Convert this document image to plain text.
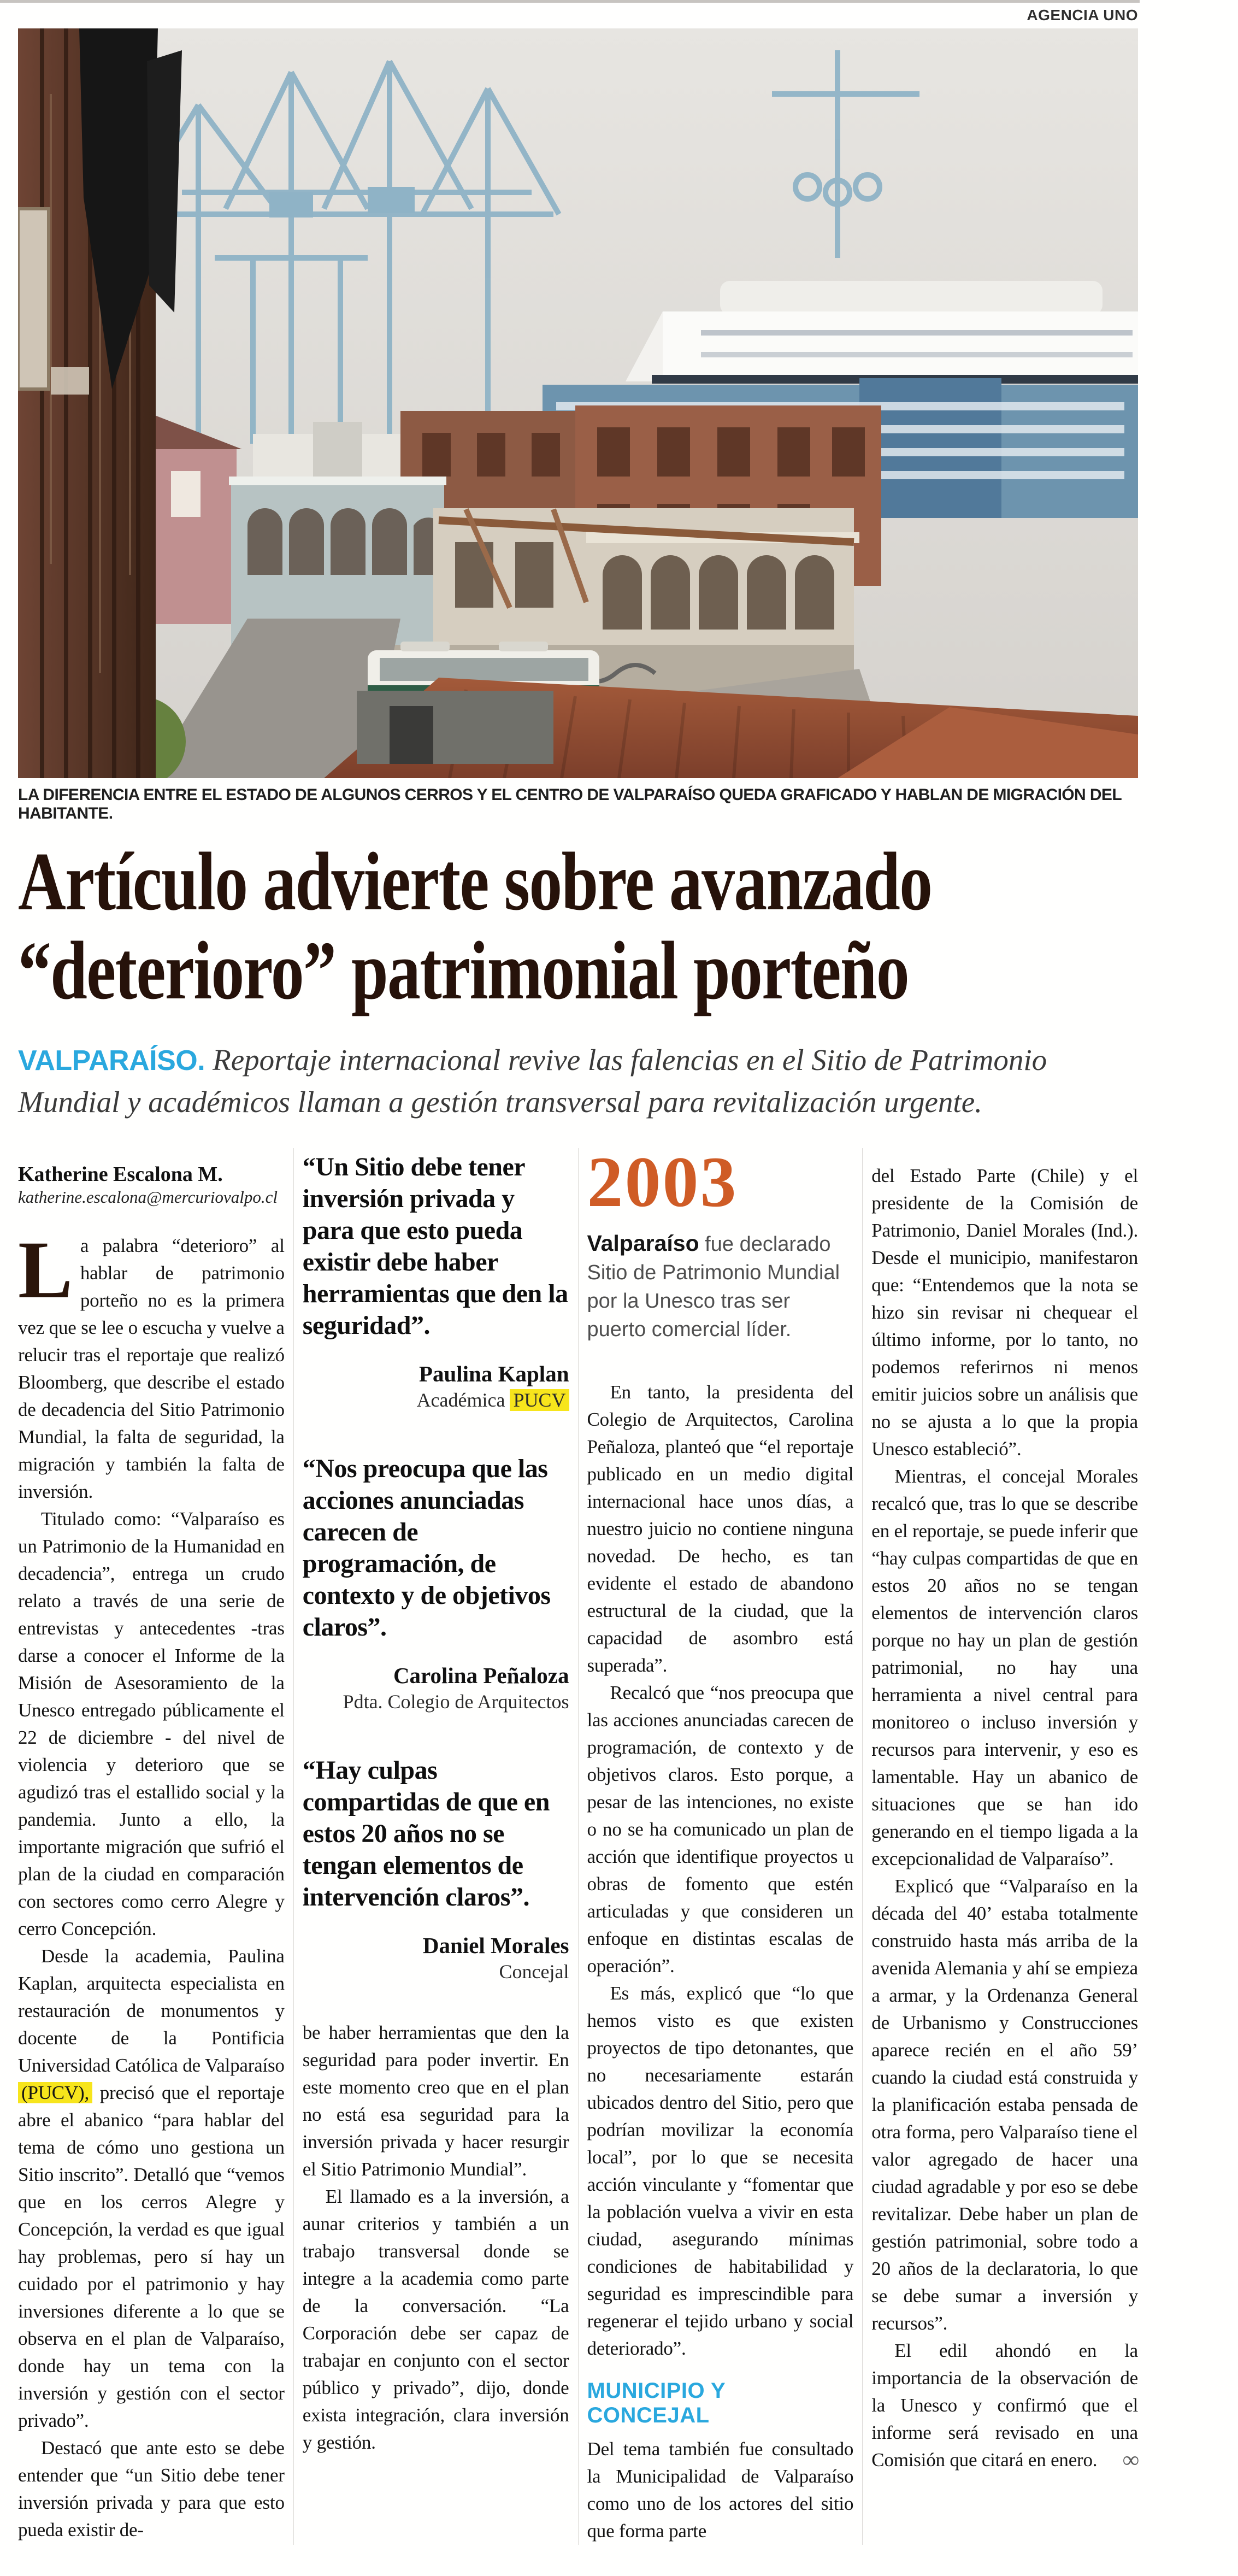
AGENCIA UNO
LA DIFERENCIA ENTRE EL ESTADO DE ALGUNOS CERROS Y EL CENTRO DE VALPARAÍSO QUEDA GRAFICADO Y HABLAN DE MIGRACIÓN DEL HABITANTE.
Artículo advierte sobre avanzado
“deterioro” patrimonial porteño
VALPARAÍSO. Reportaje internacional revive las falencias en el Sitio de Patrimonio Mundial y académicos llaman a gestión transversal para revitalización urgente.
Katherine Escalona M.
katherine.escalona@mercuriovalpo.cl

La palabra “deterioro” al hablar de patrimonio porteño no es la primera vez que se lee o escucha y vuelve a relucir tras el reportaje que realizó Bloomberg, que describe el estado de decadencia del Sitio Patrimonio Mundial, la falta de seguridad, la migración y también la falta de inversión.

Titulado como: “Valparaíso es un Patrimonio de la Humanidad en decadencia”, entrega un crudo relato a través de una serie de entrevistas y antecedentes -tras darse a conocer el Informe de la Misión de Asesoramiento de la Unesco entregado públicamente el 22 de diciembre - del nivel de violencia y deterioro que se agudizó tras el estallido social y la pandemia. Junto a ello, la importante migración que sufrió el plan de la ciudad en comparación con sectores como cerro Alegre y cerro Concepción.

Desde la academia, Paulina Kaplan, arquitecta especialista en restauración de monumentos y docente de la Pontificia Universidad Católica de Valparaíso (PUCV), precisó que el reportaje abre el abanico “para hablar del tema de cómo uno gestiona un Sitio inscrito”. Detalló que “vemos que en los cerros Alegre y Concepción, la verdad es que igual hay problemas, pero sí hay un cuidado por el patrimonio y hay inversiones diferente a lo que se observa en el plan de Valparaíso, donde hay un tema con la inversión y gestión con el sector privado”.

Destacó que ante esto se debe entender que “un Sitio debe tener inversión privada y para que esto pueda existir de-

“Un Sitio debe tener inversión privada y para que esto pueda existir debe haber herramientas que den la seguridad”.
Paulina Kaplan
Académica PUCV
“Nos preocupa que las acciones anunciadas carecen de programación, de contexto y de objetivos claros”.
Carolina Peñaloza
Pdta. Colegio de Arquitectos
“Hay culpas compartidas de que en estos 20 años no se tengan elementos de intervención claros”.
Daniel Morales
Concejal

be haber herramientas que den la seguridad para poder invertir. En este momento creo que en el plan no está esa seguridad para la inversión privada y hacer resurgir el Sitio Patrimonio Mundial”.

El llamado es a la inversión, a aunar criterios y también a un trabajo transversal donde se integre a la academia como parte de la conversación. “La Corporación debe ser capaz de trabajar en conjunto con el sector público y privado”, dijo, donde exista integración, clara inversión y gestión.

2003
Valparaíso fue declarado Sitio de Patrimonio Mundial por la Unesco tras ser puerto comercial líder.

En tanto, la presidenta del Colegio de Arquitectos, Carolina Peñaloza, planteó que “el reportaje publicado en un medio digital internacional hace unos días, a nuestro juicio no contiene ninguna novedad. De hecho, es tan evidente el estado de abandono estructural de la ciudad, que la capacidad de asombro está superada”.

Recalcó que “nos preocupa que las acciones anunciadas carecen de programación, de contexto y de objetivos claros. Esto porque, a pesar de las intenciones, no existe o no se ha comunicado un plan de acción que identifique proyectos u obras de fomento que estén articuladas y que consideren un enfoque en distintas escalas de operación”.

Es más, explicó que “lo que hemos visto es que existen proyectos de tipo detonantes, que no necesariamente estarán ubicados dentro del Sitio, pero que podrían movilizar la economía local”, por lo que se necesita acción vinculante y “fomentar que la población vuelva a vivir en esta ciudad, asegurando mínimas condiciones de habitabilidad y seguridad es imprescindible para regenerar el tejido urbano y social deteriorado”.

MUNICIPIO Y CONCEJAL

Del tema también fue consultado la Municipalidad de Valparaíso como uno de los actores del sitio que forma parte

del Estado Parte (Chile) y el presidente de la Comisión de Patrimonio, Daniel Morales (Ind.). Desde el municipio, manifestaron que: “Entendemos que la nota se hizo sin revisar ni chequear el último informe, por lo tanto, no podemos referirnos ni menos emitir juicios sobre un análisis que no se ajusta a lo que la propia Unesco estableció”.

Mientras, el concejal Morales recalcó que, tras lo que se describe en el reportaje, se puede inferir que “hay culpas compartidas de que en estos 20 años no se tengan elementos de intervención claros porque no hay un plan de gestión patrimonial, no hay una herramienta a nivel central para monitoreo o incluso inversión y recursos para intervenir, y eso es lamentable. Hay un abanico de situaciones que se han ido generando en el tiempo ligada a la excepcionalidad de Valparaíso”.

Explicó que “Valparaíso en la década del 40’ estaba totalmente construido hasta más arriba de la avenida Alemania y ahí se empieza a armar, y la Ordenanza General de Urbanismo y Construcciones aparece recién en el año 59’ cuando la ciudad está construida y la planificación estaba pensada de otra forma, pero Valparaíso tiene el valor agregado de hacer una ciudad agradable y por eso se debe revitalizar. Debe haber un plan de gestión patrimonial, sobre todo a 20 años de la declaratoria, lo que se debe sumar a inversión y recursos”.

El edil ahondó en la importancia de la observación de la Unesco y confirmó que el informe será revisado en una Comisión que citará en enero.	∞
